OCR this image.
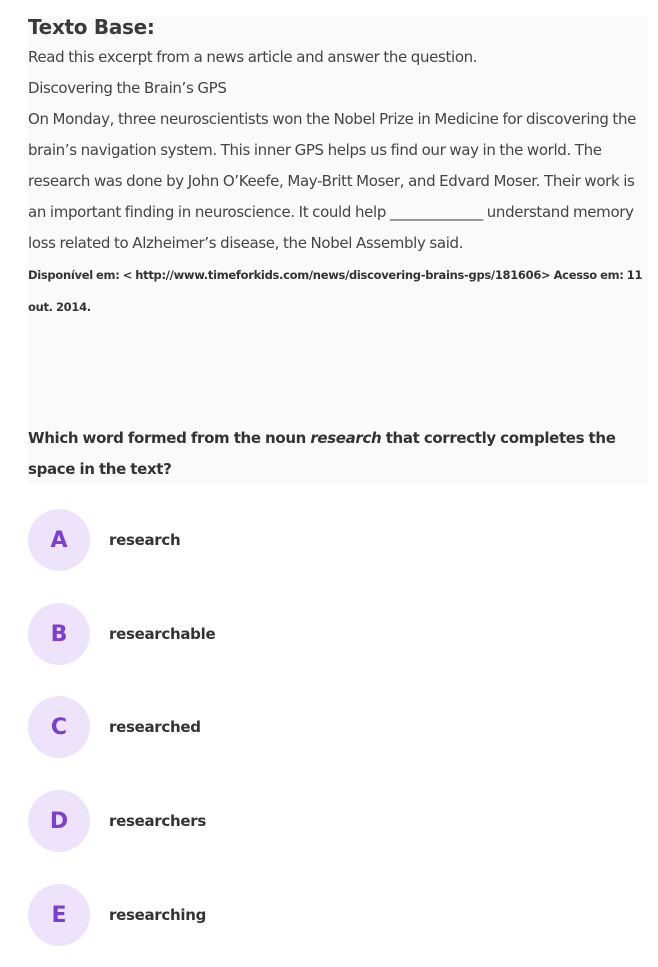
Texto Base:

Read this excerpt from a news article and answer the question.

Discovering the Brain’s GPS

On Monday, three neuroscientists won the Nobel Prize in Medicine for discovering the brain’s navigation system. This inner GPS helps us find our way in the world. The research was done by John O’Keefe, May-Britt Moser, and Edvard Moser. Their work is an important finding in neuroscience. It could help _____________ understand memory loss related to Alzheimer’s disease, the Nobel Assembly said.

Disponível em: < http://www.timeforkids.com/news/discovering-brains-gps/181606> Acesso em: 11 out. 2014.

Which word formed from the noun research that correctly completes the space in the text?

A	research
B	researchable
C	researched
D	researchers
E	researching
